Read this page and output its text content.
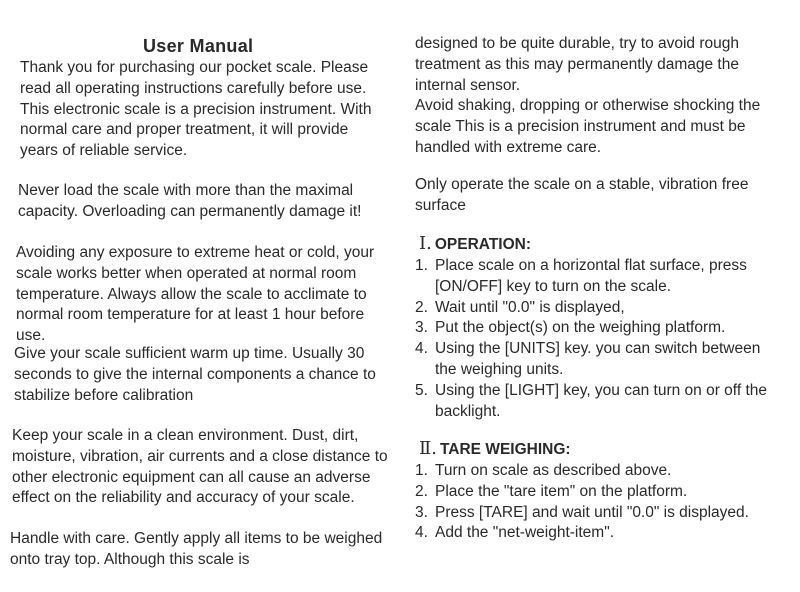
User Manual

Thank you for purchasing our pocket scale. Please read all operating instructions carefully before use. This electronic scale is a precision instrument. With normal care and proper treatment, it will provide years of reliable service.

Never load the scale with more than the maximal capacity. Overloading can permanently damage it!

Avoiding any exposure to extreme heat or cold, your scale works better when operated at normal room temperature. Always allow the scale to acclimate to normal room temperature for at least 1 hour before use.

Give your scale sufficient warm up time. Usually 30 seconds to give the internal components a chance to stabilize before calibration

Keep your scale in a clean environment. Dust, dirt, moisture, vibration, air currents and a close distance to other electronic equipment can all cause an adverse effect on the reliability and accuracy of your scale.

Handle with care. Gently apply all items to be weighed onto tray top. Although this scale is

designed to be quite durable, try to avoid rough treatment as this may permanently damage the internal sensor.

Avoid shaking, dropping or otherwise shocking the scale This is a precision instrument and must be handled with extreme care.

Only operate the scale on a stable, vibration free surface

Ⅰ. OPERATION:
1. Place scale on a horizontal flat surface, press [ON/OFF] key to turn on the scale.
2. Wait until "0.0" is displayed,
3. Put the object(s) on the weighing platform.
4. Using the [UNITS] key. you can switch between the weighing units.
5. Using the [LIGHT] key, you can turn on or off the backlight.
Ⅱ. TARE WEIGHING:
1. Turn on scale as described above.
2. Place the "tare item" on the platform.
3. Press [TARE] and wait until "0.0" is displayed.
4. Add the "net-weight-item".
